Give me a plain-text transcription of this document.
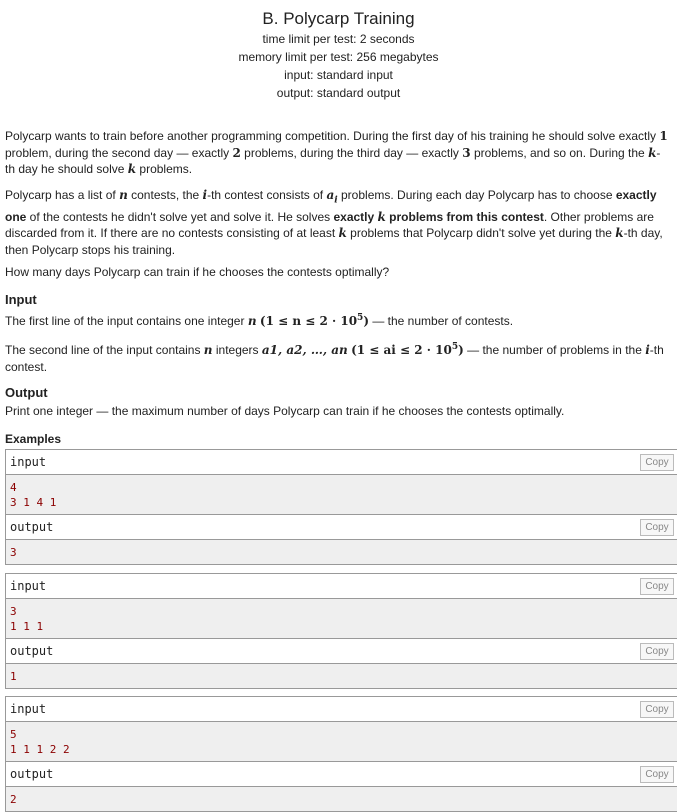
B. Polycarp Training
time limit per test: 2 seconds
memory limit per test: 256 megabytes
input: standard input
output: standard output
Polycarp wants to train before another programming competition. During the first day of his training he should solve exactly 1 problem, during the second day — exactly 2 problems, during the third day — exactly 3 problems, and so on. During the k-th day he should solve k problems.
Polycarp has a list of n contests, the i-th contest consists of $a_i$ problems. During each day Polycarp has to choose exactly one of the contests he didn't solve yet and solve it. He solves exactly k problems from this contest. Other problems are discarded from it. If there are no contests consisting of at least k problems that Polycarp didn't solve yet during the k-th day, then Polycarp stops his training.
How many days Polycarp can train if he chooses the contests optimally?
Input
The first line of the input contains one integer n $(1 \le n \le 2 \cdot 10^5)$ — the number of contests.
The second line of the input contains n integers a1, a2, …, an (1 ≤ ai ≤ $2 \cdot 10^5$) — the number of problems in the i-th contest.
Output
Print one integer — the maximum number of days Polycarp can train if he chooses the contests optimally.
Examples
input	Copy
4
3 1 4 1
output	Copy
3
input	Copy
3
1 1 1
output	Copy
1
input	Copy
5
1 1 1 2 2
output	Copy
2
